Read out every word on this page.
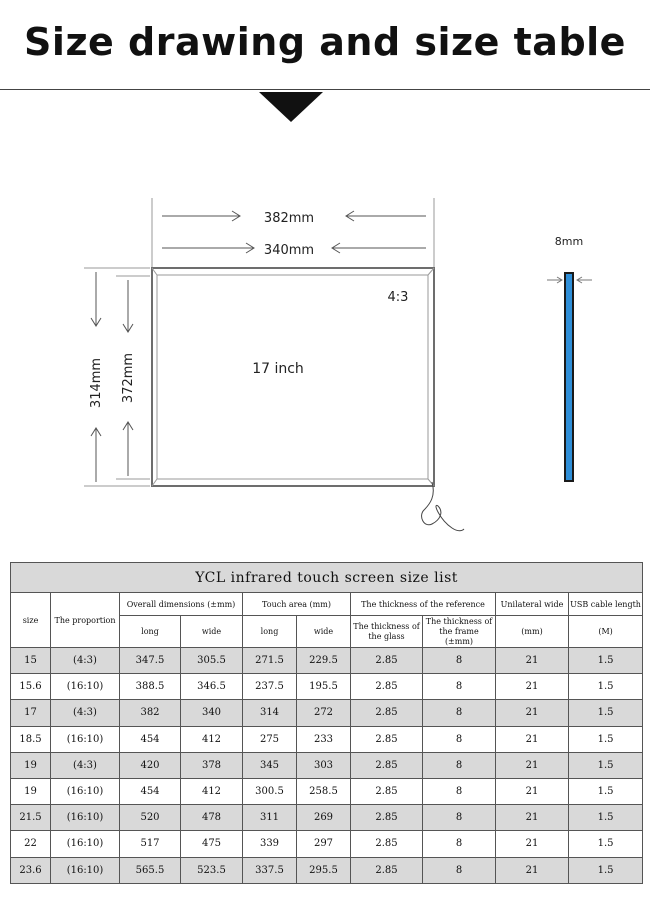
Size drawing and size table
382mm
340mm
314mm 372mm
4:3
17 inch
8mm
YCL infrared touch screen size list									
size	The proportion	Overall dimensions (±mm)		Touch area (mm)		The thickness of the reference		Unilateral wide	USB cable length
		long	wide	long	wide	The thickness of the glass	The thickness of the frame (±mm)	(mm)	(M)
15	(4:3)	347.5	305.5	271.5	229.5	2.85	8	21	1.5
15.6	(16:10)	388.5	346.5	237.5	195.5	2.85	8	21	1.5
17	(4:3)	382	340	314	272	2.85	8	21	1.5
18.5	(16:10)	454	412	275	233	2.85	8	21	1.5
19	(4:3)	420	378	345	303	2.85	8	21	1.5
19	(16:10)	454	412	300.5	258.5	2.85	8	21	1.5
21.5	(16:10)	520	478	311	269	2.85	8	21	1.5
22	(16:10)	517	475	339	297	2.85	8	21	1.5
23.6	(16:10)	565.5	523.5	337.5	295.5	2.85	8	21	1.5
